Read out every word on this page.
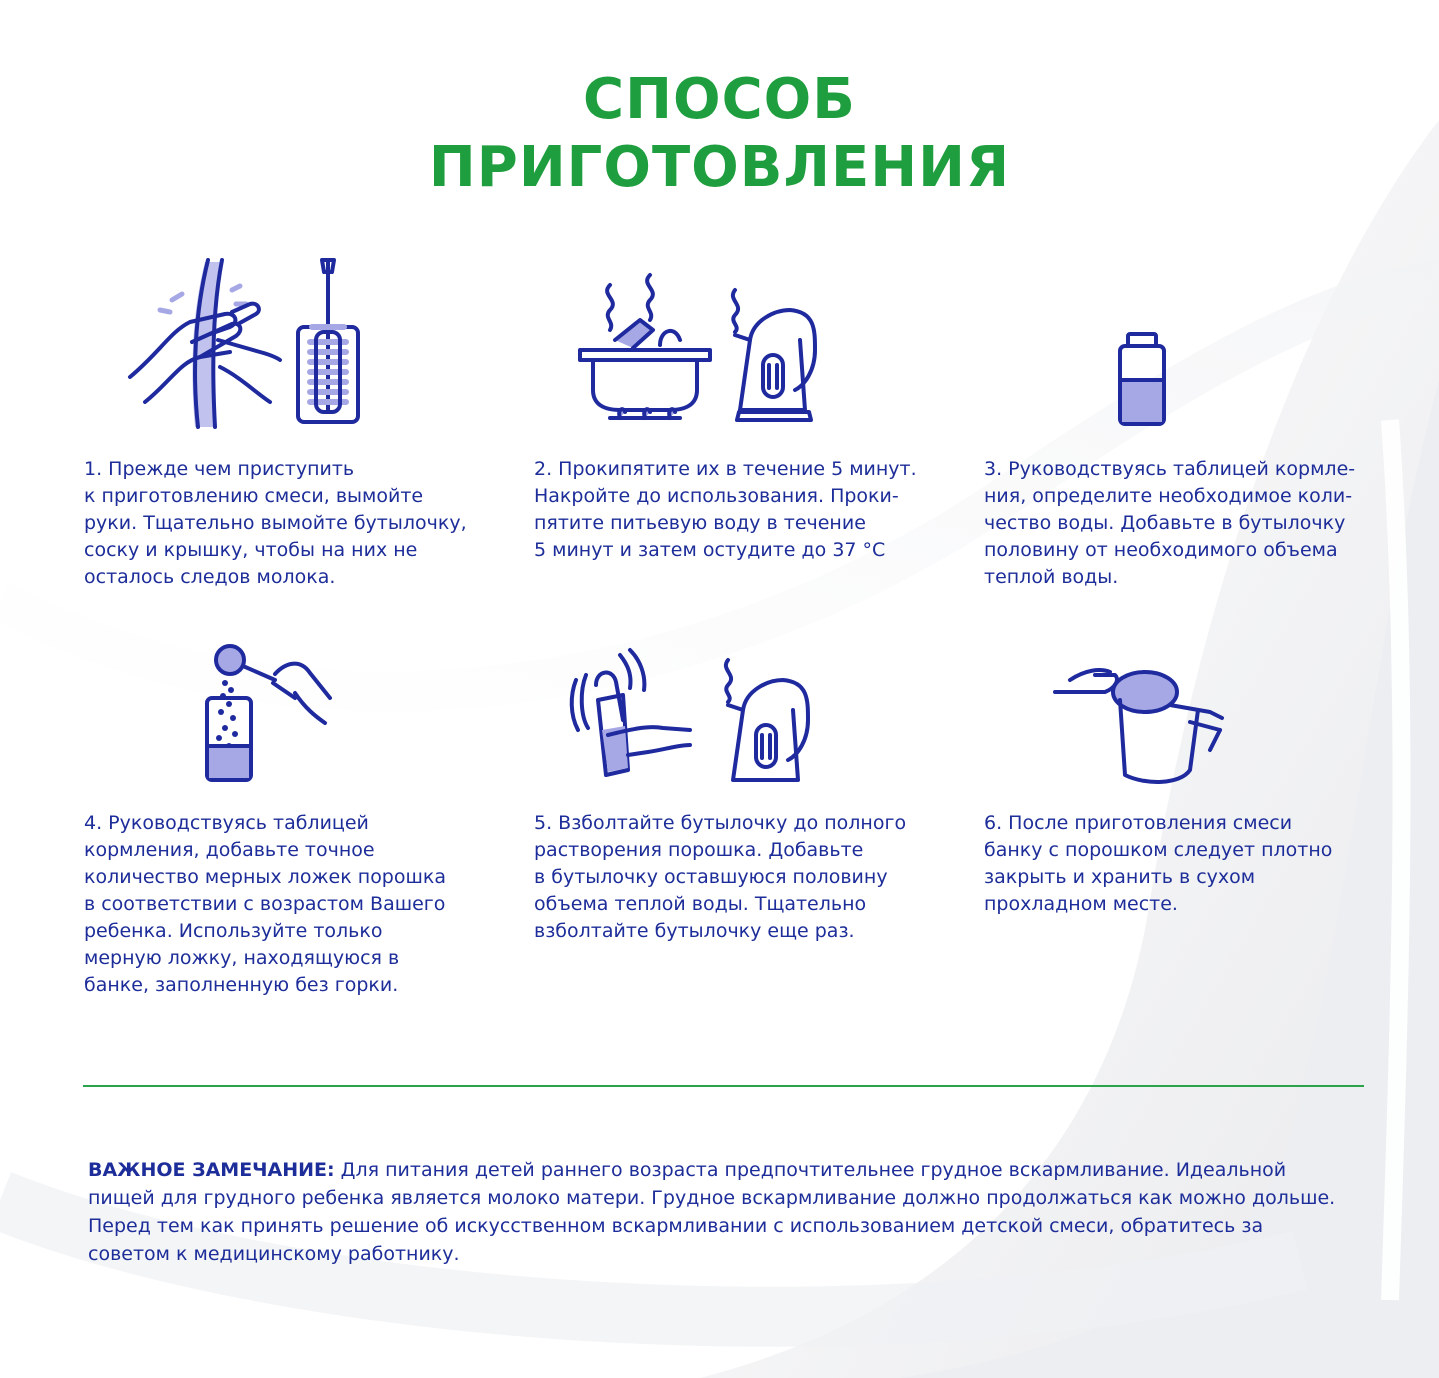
СПОСОБ
ПРИГОТОВЛЕНИЯ

1. Прежде чем приступить
к приготовлению смеси, вымойте
руки. Тщательно вымойте бутылочку,
соску и крышку, чтобы на них не
осталось следов молока.

2. Прокипятите их в течение 5 минут.
Накройте до использования. Проки-
пятите питьевую воду в течение
5 минут и затем остудите до 37 °С

3. Руководствуясь таблицей кормле-
ния, определите необходимое коли-
чество воды. Добавьте в бутылочку
половину от необходимого объема
теплой воды.

4. Руководствуясь таблицей
кормления, добавьте точное
количество мерных ложек порошка
в соответствии с возрастом Вашего
ребенка. Используйте только
мерную ложку, находящуюся в
банке, заполненную без горки.

5. Взболтайте бутылочку до полного
растворения порошка. Добавьте
в бутылочку оставшуюся половину
объема теплой воды. Тщательно
взболтайте бутылочку еще раз.

6. После приготовления смеси
банку с порошком следует плотно
закрыть и хранить в сухом
прохладном месте.

ВАЖНОЕ ЗАМЕЧАНИЕ: Для питания детей раннего возраста предпочтительнее грудное вскармливание. Идеальной пищей для грудного ребенка является молоко матери. Грудное вскармливание должно продолжаться как можно дольше. Перед тем как принять решение об искусственном вскармливании с использованием детской смеси, обратитесь за советом к медицинскому работнику.
